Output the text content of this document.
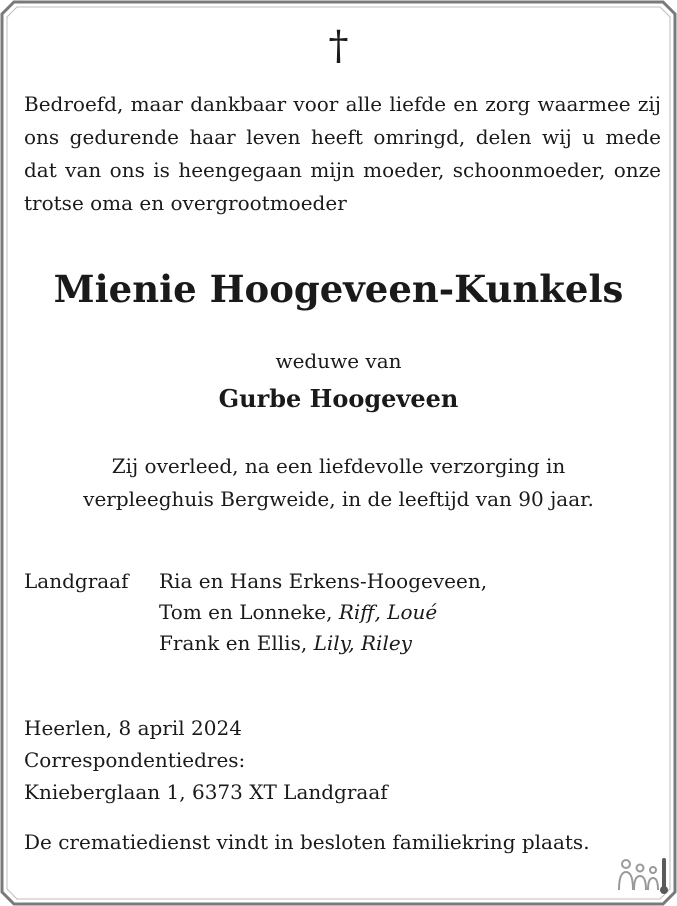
†
Bedroefd, maar dankbaar voor alle liefde en zorg waarmee zij ons gedurende haar leven heeft omringd, delen wij u mede dat van ons is heengegaan mijn moeder, schoonmoeder, onze trotse oma en overgrootmoeder
Mienie Hoogeveen-Kunkels
weduwe van
Gurbe Hoogeveen
Zij overleed, na een liefdevolle verzorging in
verpleeghuis Bergweide, in de leeftijd van 90 jaar.
Landgraaf Ria en Hans Erkens-Hoogeveen,
Tom en Lonneke, Riff, Loué
Frank en Ellis, Lily, Riley
Heerlen, 8 april 2024
Correspondentiedres:
Kniebergl​aan 1, 6373 XT Landgraaf
De crematiedienst vindt in besloten familiekring plaats.
